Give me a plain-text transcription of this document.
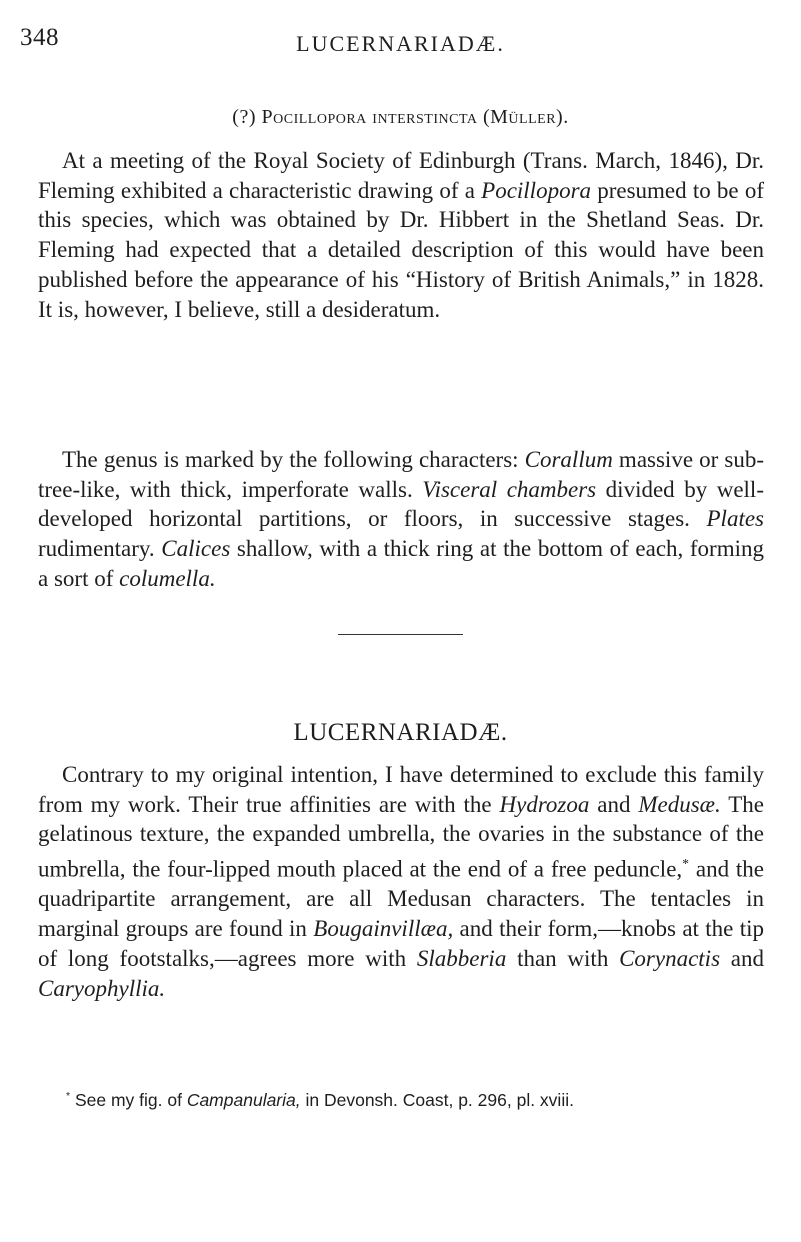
348	LUCERNARIADÆ.
(?) Pocillopora interstincta (Müller).

At a meeting of the Royal Society of Edinburgh (Trans. March, 1846), Dr. Fleming exhibited a characteristic drawing of a Pocillopora presumed to be of this species, which was obtained by Dr. Hibbert in the Shetland Seas. Dr. Fleming had expected that a detailed description of this would have been published before the appearance of his “History of British Animals,” in 1828. It is, however, I believe, still a desideratum.

The genus is marked by the following characters: Corallum massive or sub-tree-like, with thick, imperforate walls. Visceral chambers divided by well-developed horizontal partitions, or floors, in successive stages. Plates rudimentary. Calices shallow, with a thick ring at the bottom of each, forming a sort of columella.

LUCERNARIADÆ.

Contrary to my original intention, I have determined to exclude this family from my work. Their true affinities are with the Hydrozoa and Medusæ. The gelatinous texture, the expanded umbrella, the ovaries in the substance of the umbrella, the four-lipped mouth placed at the end of a free peduncle,* and the quadripartite arrangement, are all Medusan characters. The tentacles in marginal groups are found in Bougainvillæa, and their form,—knobs at the tip of long footstalks,—agrees more with Slabberia than with Corynactis and Caryophyllia.

* See my fig. of Campanularia, in Devonsh. Coast, p. 296, pl. xviii.
